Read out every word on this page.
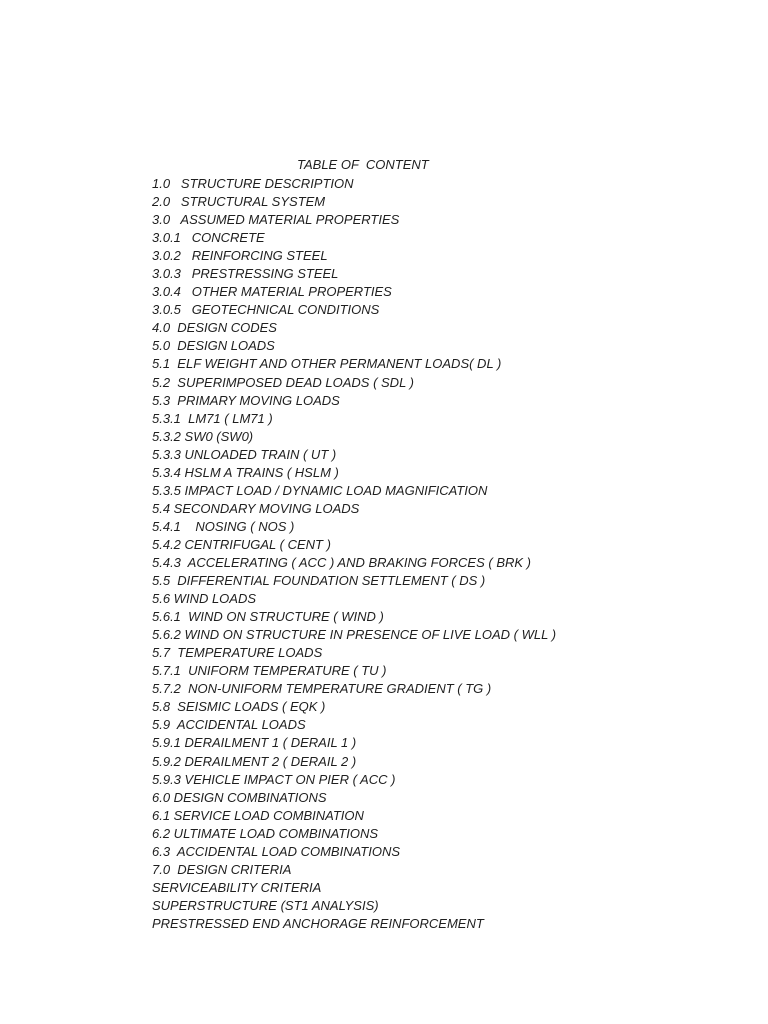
TABLE OF  CONTENT
1.0   STRUCTURE DESCRIPTION
2.0   STRUCTURAL SYSTEM
3.0   ASSUMED MATERIAL PROPERTIES
3.0.1   CONCRETE
3.0.2   REINFORCING STEEL
3.0.3   PRESTRESSING STEEL
3.0.4   OTHER MATERIAL PROPERTIES
3.0.5   GEOTECHNICAL CONDITIONS
4.0  DESIGN CODES
5.0  DESIGN LOADS
5.1  ELF WEIGHT AND OTHER PERMANENT LOADS( DL )
5.2  SUPERIMPOSED DEAD LOADS ( SDL )
5.3  PRIMARY MOVING LOADS
5.3.1  LM71 ( LM71 )
5.3.2 SW0 (SW0)
5.3.3 UNLOADED TRAIN ( UT )
5.3.4 HSLM A TRAINS ( HSLM )
5.3.5 IMPACT LOAD / DYNAMIC LOAD MAGNIFICATION
5.4 SECONDARY MOVING LOADS
5.4.1    NOSING ( NOS )
5.4.2 CENTRIFUGAL ( CENT )
5.4.3  ACCELERATING ( ACC ) AND BRAKING FORCES ( BRK )
5.5  DIFFERENTIAL FOUNDATION SETTLEMENT ( DS )
5.6 WIND LOADS
5.6.1  WIND ON STRUCTURE ( WIND )
5.6.2 WIND ON STRUCTURE IN PRESENCE OF LIVE LOAD ( WLL )
5.7  TEMPERATURE LOADS
5.7.1  UNIFORM TEMPERATURE ( TU )
5.7.2  NON-UNIFORM TEMPERATURE GRADIENT ( TG )
5.8  SEISMIC LOADS ( EQK )
5.9  ACCIDENTAL LOADS
5.9.1 DERAILMENT 1 ( DERAIL 1 )
5.9.2 DERAILMENT 2 ( DERAIL 2 )
5.9.3 VEHICLE IMPACT ON PIER ( ACC )
6.0 DESIGN COMBINATIONS
6.1 SERVICE LOAD COMBINATION
6.2 ULTIMATE LOAD COMBINATIONS
6.3  ACCIDENTAL LOAD COMBINATIONS
7.0  DESIGN CRITERIA
SERVICEABILITY CRITERIA
SUPERSTRUCTURE (ST1 ANALYSIS)
PRESTRESSED END ANCHORAGE REINFORCEMENT
